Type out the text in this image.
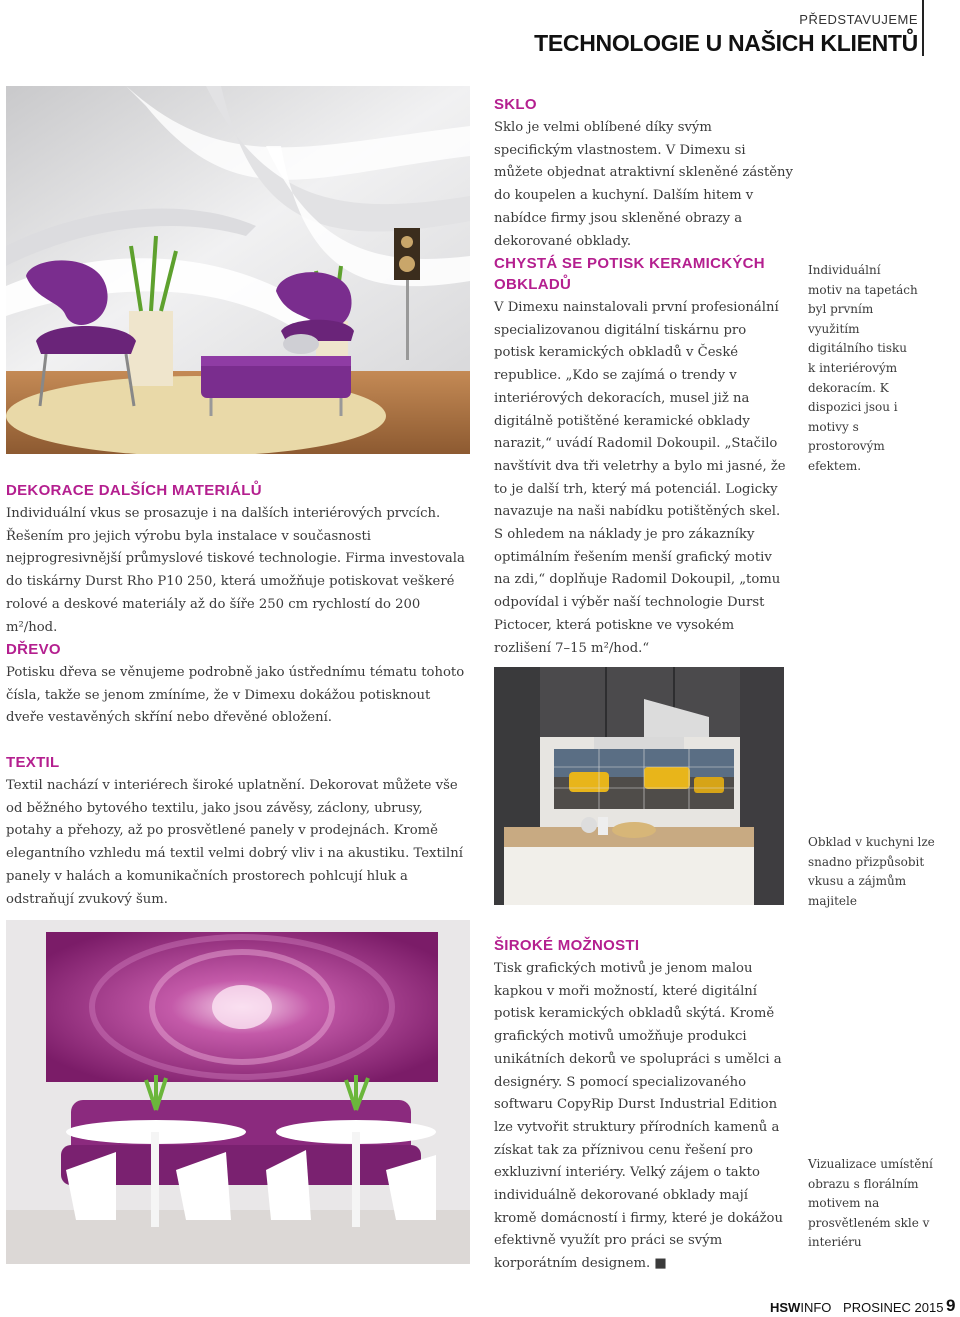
PŘEDSTAVUJEME
TECHNOLOGIE U NAŠICH KLIENTŮ
SKLO

Sklo je velmi oblíbené díky svým specifickým vlastnostem. V Dimexu si můžete objednat atraktivní skleněné zástěny do koupelen a kuchyní. Dalším hitem v nabídce firmy jsou skleněné obrazy a dekorované obklady.

CHYSTÁ SE POTISK KERAMICKÝCH OBKLADŮ

V Dimexu nainstalovali první profesionální specializovanou digitální tiskárnu pro potisk keramických obkladů v České republice. „Kdo se zajímá o trendy v interiérových dekoracích, musel již na digitálně potištěné keramické obklady narazit,“ uvádí Radomil Dokoupil. „Stačilo navštívit dva tři veletrhy a bylo mi jasné, že to je další trh, který má potenciál. Logicky navazuje na naši nabídku potištěných skel. S ohledem na náklady je pro zákazníky optimálním řešením menší grafický motiv na zdi,“ doplňuje Radomil Dokoupil, „tomu odpovídal i výběr naší technologie Durst Pictocer, která potiskne ve vysokém rozlišení 7–15 m²/hod.“

Individuální motiv na tapetách byl prvním využitím digitálního tisku k interiérovým dekoracím. K dispozici jsou i motivy s prostorovým efektem.
DEKORACE DALŠÍCH MATERIÁLŮ

Individuální vkus se prosazuje i na dalších interiérových prvcích. Řešením pro jejich výrobu byla instalace v současnosti nejprogresivnější průmyslové tiskové technologie. Firma investovala do tiskárny Durst Rho P10 250, která umožňuje potiskovat veškeré rolové a deskové materiály až do šíře 250 cm rychlostí do 200 m²/hod.

DŘEVO

Potisku dřeva se věnujeme podrobně jako ústřednímu tématu tohoto čísla, takže se jenom zmíníme, že v Dimexu dokážou potisknout dveře vestavěných skříní nebo dřevěné obložení.

Obklad v kuchyni lze snadno přizpůsobit vkusu a zájmům majitele
TEXTIL

Textil nachází v interiérech široké uplatnění. Dekorovat můžete vše od běžného bytového textilu, jako jsou závěsy, záclony, ubrusy, potahy a přehozy, až po prosvětlené panely v prodejnách. Kromě elegantního vzhledu má textil velmi dobrý vliv i na akustiku. Textilní panely v halách a komunikačních prostorech pohlcují hluk a odstraňují zvukový šum.

ŠIROKÉ MOŽNOSTI

Tisk grafických motivů je jenom malou kapkou v moři možností, které digitální potisk keramických obkladů skýtá. Kromě grafických motivů umožňuje produkci unikátních dekorů ve spolupráci s umělci a designéry. S pomocí specializovaného softwaru CopyRip Durst Industrial Edition lze vytvořit strukturу přírodních kamenů a získat tak za příznivou cenu řešení pro exkluzivní interiéry. Velký zájem o takto individuálně dekorované obklady mají kromě domácností i firmy, které je dokážou efektivně využít pro práci se svým korporátním designem. ■

Vizualizace umístění obrazu s florálním motivem na prosvětleném skle v interiéru
HSWINFO PROSINEC 2015 9
